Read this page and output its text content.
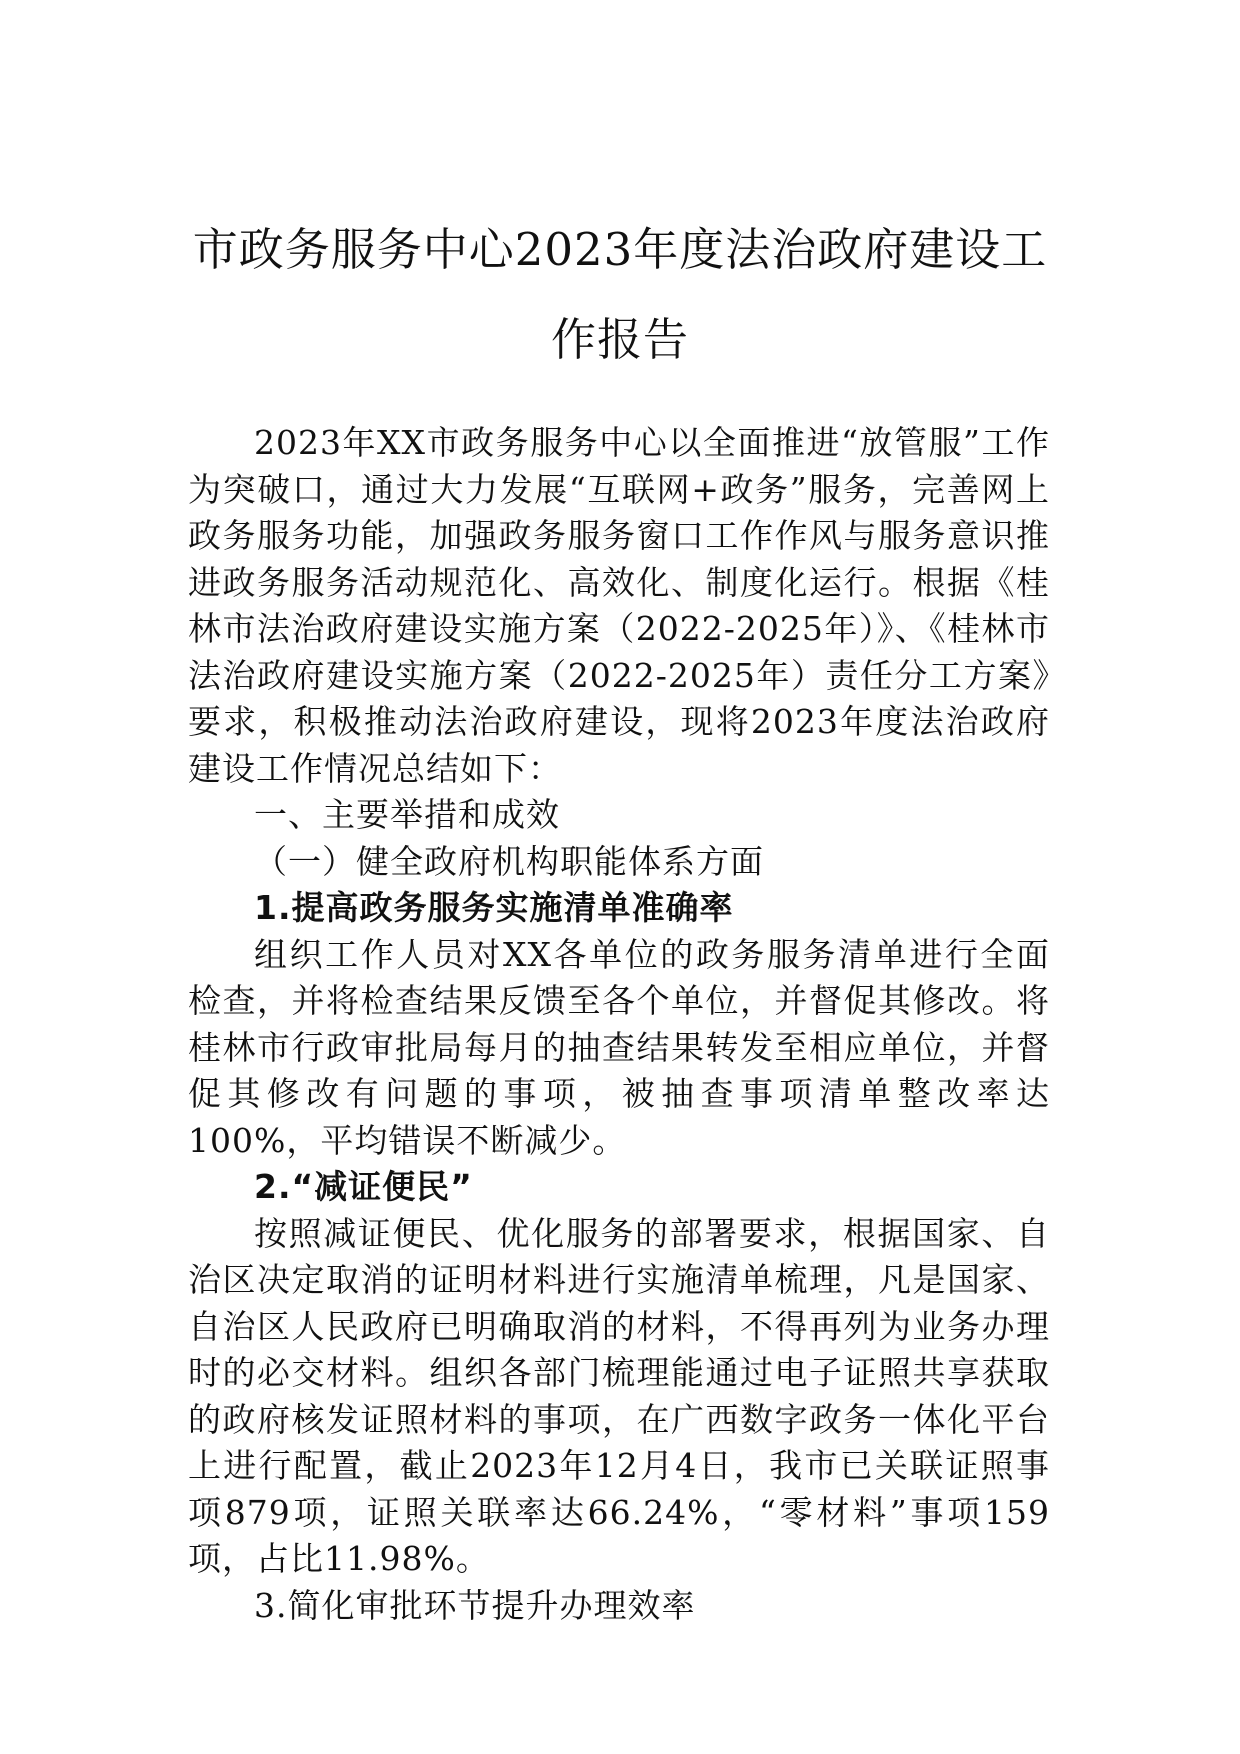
市政务服务中心2023年度法治政府建设工作报告

2023年XX市政务服务中心以全面推进“放管服”工作为突破口，通过大力发展“互联网+政务”服务，完善网上政务服务功能，加强政务服务窗口工作作风与服务意识推进政务服务活动规范化、高效化、制度化运行。根据《桂林市法治政府建设实施方案（2022-2025年）》、《桂林市法治政府建设实施方案（2022-2025年）责任分工方案》要求，积极推动法治政府建设，现将2023年度法治政府建设工作情况总结如下：

一、主要举措和成效

（一）健全政府机构职能体系方面

1.提高政务服务实施清单准确率

组织工作人员对XX各单位的政务服务清单进行全面检查，并将检查结果反馈至各个单位，并督促其修改。将桂林市行政审批局每月的抽查结果转发至相应单位，并督促其修改有问题的事项，被抽查事项清单整改率达100%，平均错误不断减少。

2.“减证便民”

按照减证便民、优化服务的部署要求，根据国家、自治区决定取消的证明材料进行实施清单梳理，凡是国家、自治区人民政府已明确取消的材料，不得再列为业务办理时的必交材料。组织各部门梳理能通过电子证照共享获取的政府核发证照材料的事项，在广西数字政务一体化平台上进行配置，截止2023年12月4日，我市已关联证照事项879项，证照关联率达66.24%，“零材料”事项159项，占比11.98%。

3.简化审批环节提升办理效率
